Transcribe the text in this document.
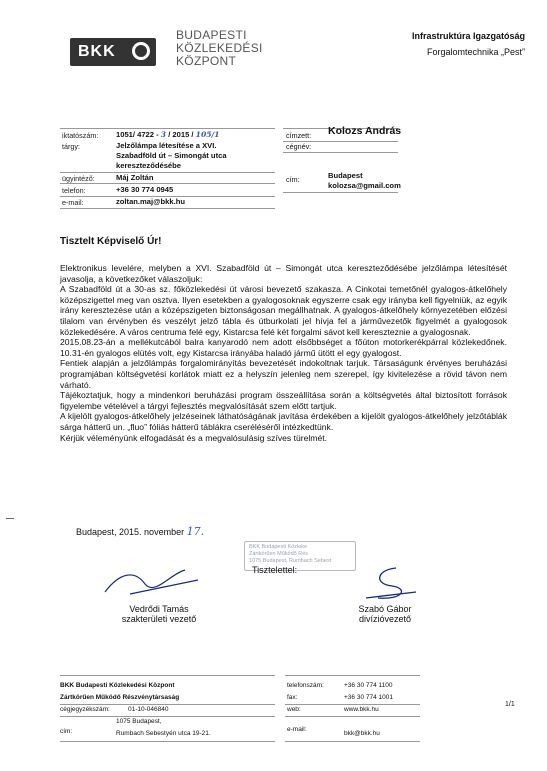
BKK
BUDAPESTI
KÖZLEKEDÉSI
KÖZPONT
Infrastruktúra Igazgatóság
Forgalomtechnika „Pest”
iktatószám: 1051/ 4722 - 3 / 2015 / 105/1
tárgy:	Jelzőlámpa létesítése a XVI.
Szabadföld út – Simongát utca
kereszteződésébe
ügyintéző:	Máj Zoltán
telefon:	+36 30 774 0945
e-mail:	zoltan.maj@bkk.hu
címzett: Kolozs András
cégnév:
cím:	Budapest
kolozsa@gmail.com
Tisztelt Képviselő Úr!

Elektronikus levelére, melyben a XVI. Szabadföld út – Simongát utca kereszteződésébe jelzőlámpa létesítését javasolja, a következőket válaszoljuk:

A Szabadföld út a 30-as sz. főközlekedési út városi bevezető szakasza. A Cinkotai temetőnél gyalogos-átkelőhely középszigettel meg van osztva. Ilyen esetekben a gyalogosoknak egyszerre csak egy irányba kell figyelniük, az egyik irány keresztezése után a középszigeten biztonságosan megállhatnak. A gyalogos-átkelőhely környezetében előzési tilalom van érvényben és veszélyt jelző tábla és útburkolati jel hívja fel a járművezetők figyelmét a gyalogosok közlekedésére. A város centruma felé egy, Kistarcsa felé két forgalmi sávot kell kereszteznie a gyalogosnak.

2015.08.23-án a mellékutcából balra kanyarodó nem adott elsőbbséget a főúton motorkerékpárral közlekedőnek. 10.31-én gyalogos elütés volt, egy Kistarcsa irányába haladó jármű ütött el egy gyalogost.

Fentiek alapján a jelzőlámpás forgalomirányítás bevezetését indokoltnak tarjuk. Társaságunk érvényes beruházási programjában költségvetési korlátok miatt ez a helyszín jelenleg nem szerepel, így kivitelezése a rövid távon nem várható.

Tájékoztatjuk, hogy a mindenkori beruházási program összeállítása során a költségvetés által biztosított források figyelembe vételével a tárgyi fejlesztés megvalósítását szem előtt tartjuk.

A kijelölt gyalogos-átkelőhely jelzéseinek láthatóságának javítása érdekében a kijelölt gyalogos-átkelőhely jelzőtáblák sárga hátterű un. „fluo” fóliás hátterű táblákra cseréléséről intézkedtünk.

Kérjük véleményünk elfogadását és a megvalósulásig szíves türelmét.

Budapest, 2015. november 17.
BKK Budapesti Közleke
Zártkörűen Működő Rés
1075 Budapest, Rumbach Sebest
Tisztelettel:
Vedrődi Tamás
szakterületi vezető
Szabó Gábor
divízióvezető
BKK Budapesti Közlekedési Központ
Zártkörűen Működő Részvénytársaság
cégjegyzékszám:	01-10-046840
1075 Budapest,
cím:	Rumbach Sebestyén utca 19-21.
telefonszám:	+36 30 774 1100
fax:	+36 30 774 1001
web:	www.bkk.hu
e-mail:
bkk@bkk.hu
1/1
